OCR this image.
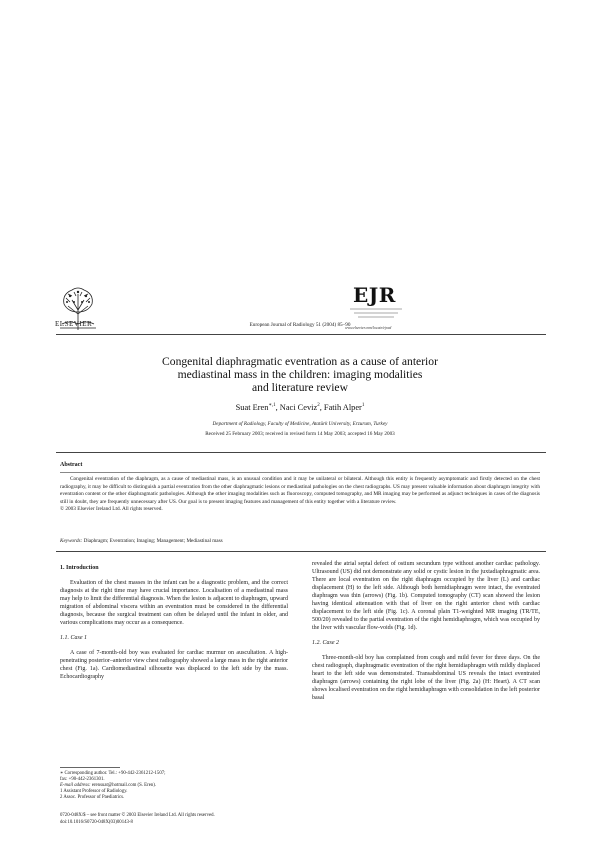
ELSEVIER	European Journal of Radiology 51 (2004) 85–90
EJR
www.elsevier.com/locate/ejrad
Congenital diaphragmatic eventration as a cause of anterior
mediastinal mass in the children: imaging modalities
and literature review
Suat Eren$^{∗,1}$, Naci Ceviz$^2$, Fatih Alper$^1$
Department of Radiology, Faculty of Medicine, Atatürk University, Erzurum, Turkey
Received 25 February 2003; received in revised form 14 May 2003; accepted 16 May 2003
Abstract
Congenital eventration of the diaphragm, as a cause of mediastinal mass, is an unusual condition and it may be unilateral or bilateral. Although this entity is frequently asymptomatic and firstly detected on the chest radiography, it may be difficult to distinguish a partial eventration from the other diaphragmatic lesions or mediastinal pathologies on the chest radiographs. US may present valuable information about diaphragm integrity with eventration content or the other diaphragmatic pathologies. Although the other imaging modalities such as fluoroscopy, computed tomography, and MR imaging may be performed as adjunct techniques in cases of the diagnosis still in doubt, they are frequently unnecessary after US. Our goal is to present imaging features and management of this entity together with a literature review.
© 2003 Elsevier Ireland Ltd. All rights reserved.
Keywords: Diaphragm; Eventration; Imaging; Management; Mediastinal mass
1. Introduction

Evaluation of the chest masses in the infant can be a diagnostic problem, and the correct diagnosis at the right time may have crucial importance. Localisation of a mediastinal mass may help to limit the differential diagnosis. When the lesion is adjacent to diaphragm, upward migration of abdominal viscera within an eventration must be considered in the differential diagnosis, because the surgical treatment can often be delayed until the infant in older, and various complications may occur as a consequence.

1.1. Case 1

A case of 7-month-old boy was evaluated for cardiac murmur on auscultation. A high-penetrating posterior–anterior view chest radiography showed a large mass in the right anterior chest (Fig. 1a). Cardiomediastinal silhouette was displaced to the left side by the mass. Echocardiography

revealed the atrial septal defect of ostium secundum type without another cardiac pathology. Ultrasound (US) did not demonstrate any solid or cystic lesion in the juxtadiaphragmatic area. There are local eventration on the right diaphragm occupied by the liver (L) and cardiac displacement (H) to the left side. Although both hemidiaphragm were intact, the eventrated diaphragm was thin (arrows) (Fig. 1b). Computed tomography (CT) scan showed the lesion having identical attenuation with that of liver on the right anterior chest with cardiac displacement to the left side (Fig. 1c). A coronal plain T1-weighted MR imaging (TR/TE, 500/20) revealed to the partial eventration of the right hemidiaphragm, which was occupied by the liver with vascular flow-voids (Fig. 1d).

1.2. Case 2

Three-month-old boy has complained from cough and mild fever for three days. On the chest radiograph, diaphragmatic eventration of the right hemidiaphragm with mildly displaced heart to the left side was demonstrated. Transabdominal US reveals the intact eventrated diaphragm (arrows) containing the right lobe of the liver (Fig. 2a) (H: Heart). A CT scan shows localised eventration on the right hemidiaphragm with consolidation in the left posterior basal

∗ Corresponding author. Tel.: +90-442-2361212-1507;
fax: +90-442-2361301.
E-mail address: erensuat@hotmail.com (S. Eren).
1 Assistant Professor of Radiology.
2 Assoc. Professor of Paediatrics.
0720-048X/$ – see front matter © 2003 Elsevier Ireland Ltd. All rights reserved.
doi:10.1016/S0720-048X(03)00143-8
